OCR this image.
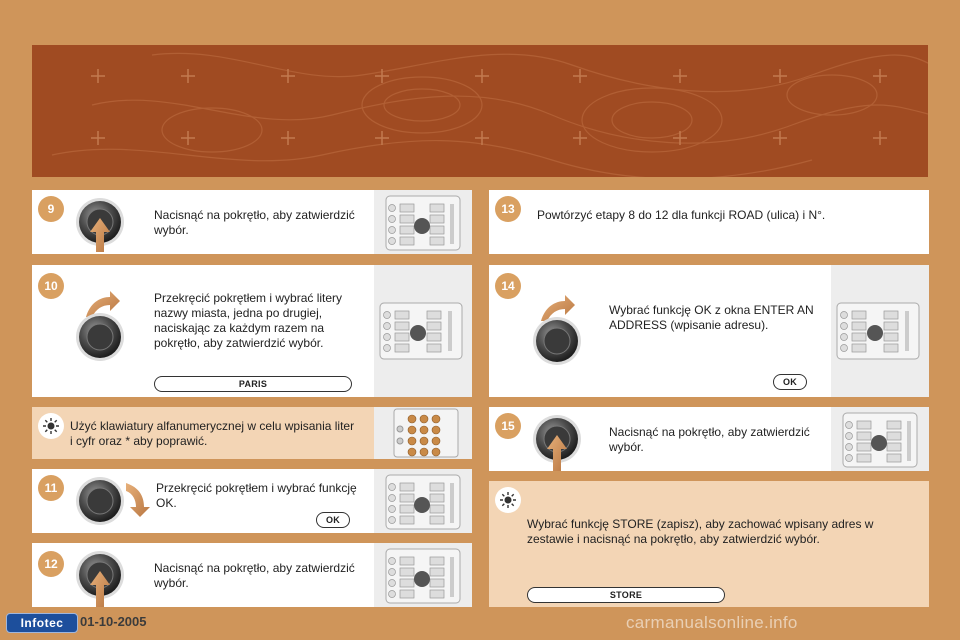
9	Nacisnąć na pokrętło, aby zatwierdzić wybór.
10
Przekręcić pokrętłem i wybrać litery nazwy miasta, jedna po drugiej, naciskając za każdym razem na pokrętło, aby zatwierdzić wybór.
PARIS
Użyć klawiatury alfanumerycznej w celu wpisania liter i cyfr oraz * aby poprawić.
11	Przekręcić pokrętłem i wybrać funkcję OK.
OK
12	Nacisnąć na pokrętło, aby zatwierdzić wybór.
13	Powtórzyć etapy 8 do 12 dla funkcji ROAD (ulica) i N°.
14
Wybrać funkcję OK z okna ENTER AN ADDRESS (wpisanie adresu).
OK
15	Nacisnąć na pokrętło, aby zatwierdzić wybór.
Wybrać funkcję STORE (zapisz), aby zachować wpisany adres w zestawie i nacisnąć na pokrętło, aby zatwierdzić wybór.
STORE
Infotec	01-10-2005	carmanualsonline.info
